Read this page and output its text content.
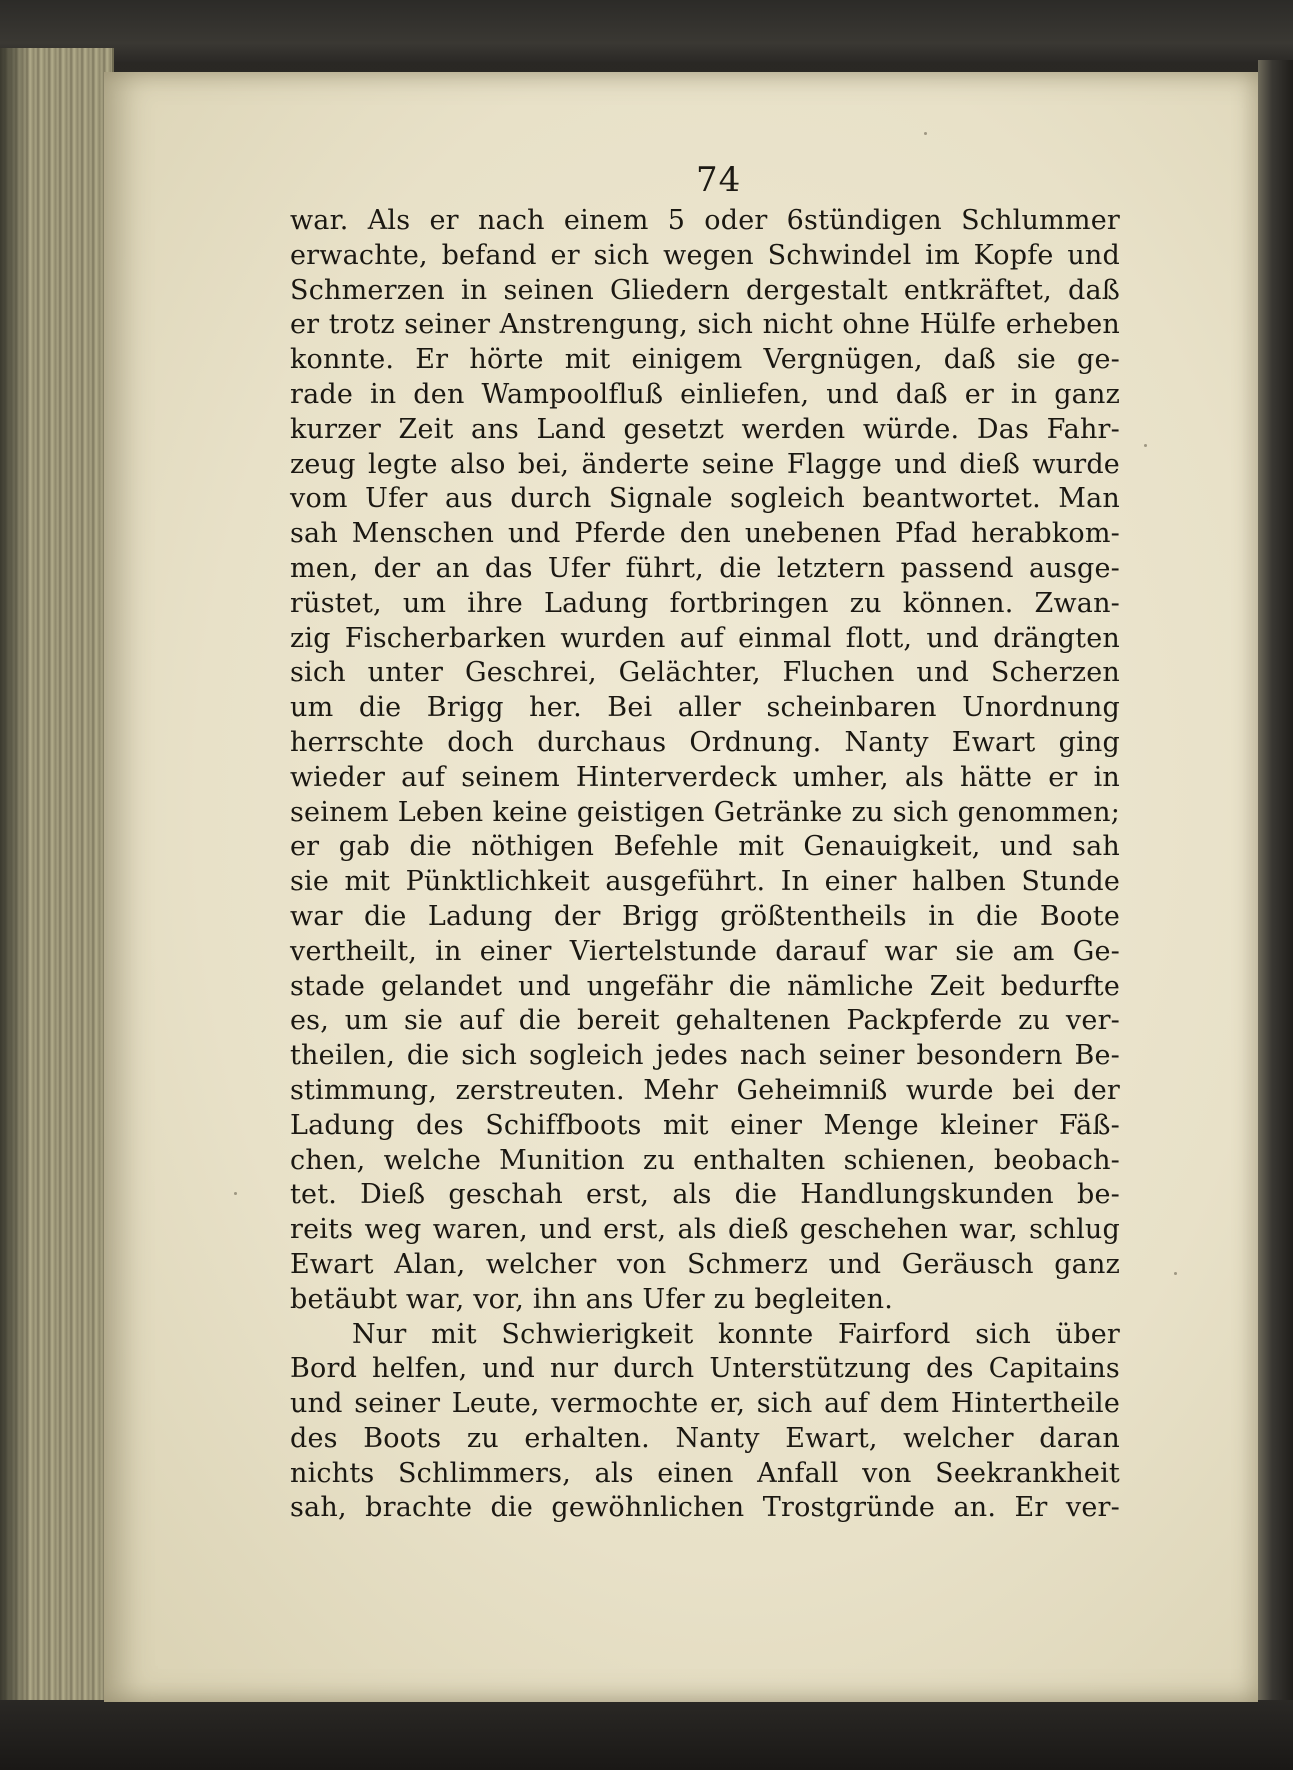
74
war. Als er nach einem 5 oder 6stündigen Schlummer
erwachte, befand er sich wegen Schwindel im Kopfe und
Schmerzen in seinen Gliedern dergestalt entkräftet, daß
er trotz seiner Anstrengung, sich nicht ohne Hülfe erheben
konnte. Er hörte mit einigem Vergnügen, daß sie ge-
rade in den Wampoolfluß einliefen, und daß er in ganz
kurzer Zeit ans Land gesetzt werden würde. Das Fahr-
zeug legte also bei, änderte seine Flagge und dieß wurde
vom Ufer aus durch Signale sogleich beantwortet. Man
sah Menschen und Pferde den unebenen Pfad herabkom-
men, der an das Ufer führt, die letztern passend ausge-
rüstet, um ihre Ladung fortbringen zu können. Zwan-
zig Fischerbarken wurden auf einmal flott, und drängten
sich unter Geschrei, Gelächter, Fluchen und Scherzen
um die Brigg her. Bei aller scheinbaren Unordnung
herrschte doch durchaus Ordnung. Nanty Ewart ging
wieder auf seinem Hinterverdeck umher, als hätte er in
seinem Leben keine geistigen Getränke zu sich genommen;
er gab die nöthigen Befehle mit Genauigkeit, und sah
sie mit Pünktlichkeit ausgeführt. In einer halben Stunde
war die Ladung der Brigg größtentheils in die Boote
vertheilt, in einer Viertelstunde darauf war sie am Ge-
stade gelandet und ungefähr die nämliche Zeit bedurfte
es, um sie auf die bereit gehaltenen Packpferde zu ver-
theilen, die sich sogleich jedes nach seiner besondern Be-
stimmung, zerstreuten. Mehr Geheimniß wurde bei der
Ladung des Schiffboots mit einer Menge kleiner Fäß-
chen, welche Munition zu enthalten schienen, beobach-
tet. Dieß geschah erst, als die Handlungskunden be-
reits weg waren, und erst, als dieß geschehen war, schlug
Ewart Alan, welcher von Schmerz und Geräusch ganz
betäubt war, vor, ihn ans Ufer zu begleiten.
Nur mit Schwierigkeit konnte Fairford sich über
Bord helfen, und nur durch Unterstützung des Capitains
und seiner Leute, vermochte er, sich auf dem Hintertheile
des Boots zu erhalten. Nanty Ewart, welcher daran
nichts Schlimmers, als einen Anfall von Seekrankheit
sah, brachte die gewöhnlichen Trostgründe an. Er ver-
